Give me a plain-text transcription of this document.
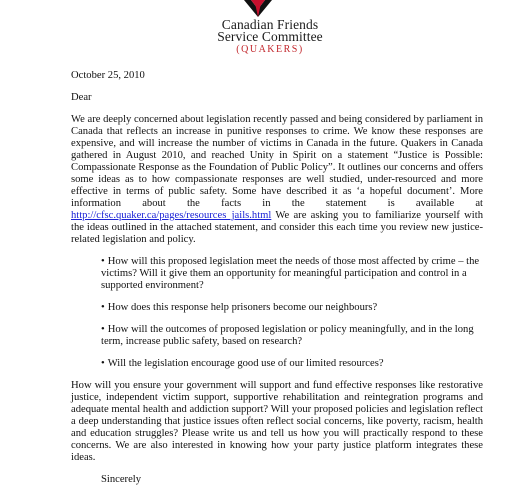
Canadian Friends
Service Committee
(QUAKERS)
October 25, 2010
Dear

We are deeply concerned about legislation recently passed and being considered by parliament in Canada that reflects an increase in punitive responses to crime. We know these responses are expensive, and will increase the number of victims in Canada in the future. Quakers in Canada gathered in August 2010, and reached Unity in Spirit on a statement “Justice is Possible: Compassionate Response as the Foundation of Public Policy”. It outlines our concerns and offers some ideas as to how compassionate responses are well studied, under-resourced and more effective in terms of public safety. Some have described it as ‘a hopeful document’. More information about the facts in the statement is available at http://cfsc.quaker.ca/pages/resources_jails.html We are asking you to familiarize yourself with the ideas outlined in the attached statement, and consider this each time you review new justice-related legislation and policy.

• How will this proposed legislation meet the needs of those most affected by crime – the victims? Will it give them an opportunity for meaningful participation and control in a supported environment?
• How does this response help prisoners become our neighbours?
• How will the outcomes of proposed legislation or policy meaningfully, and in the long term, increase public safety, based on research?
• Will the legislation encourage good use of our limited resources?

How will you ensure your government will support and fund effective responses like restorative justice, independent victim support, supportive rehabilitation and reintegration programs and adequate mental health and addiction support? Will your proposed policies and legislation reflect a deep understanding that justice issues often reflect social concerns, like poverty, racism, health and education struggles? Please write us and tell us how you will practically respond to these concerns. We are also interested in knowing how your party justice platform integrates these ideas.

Sincerely
